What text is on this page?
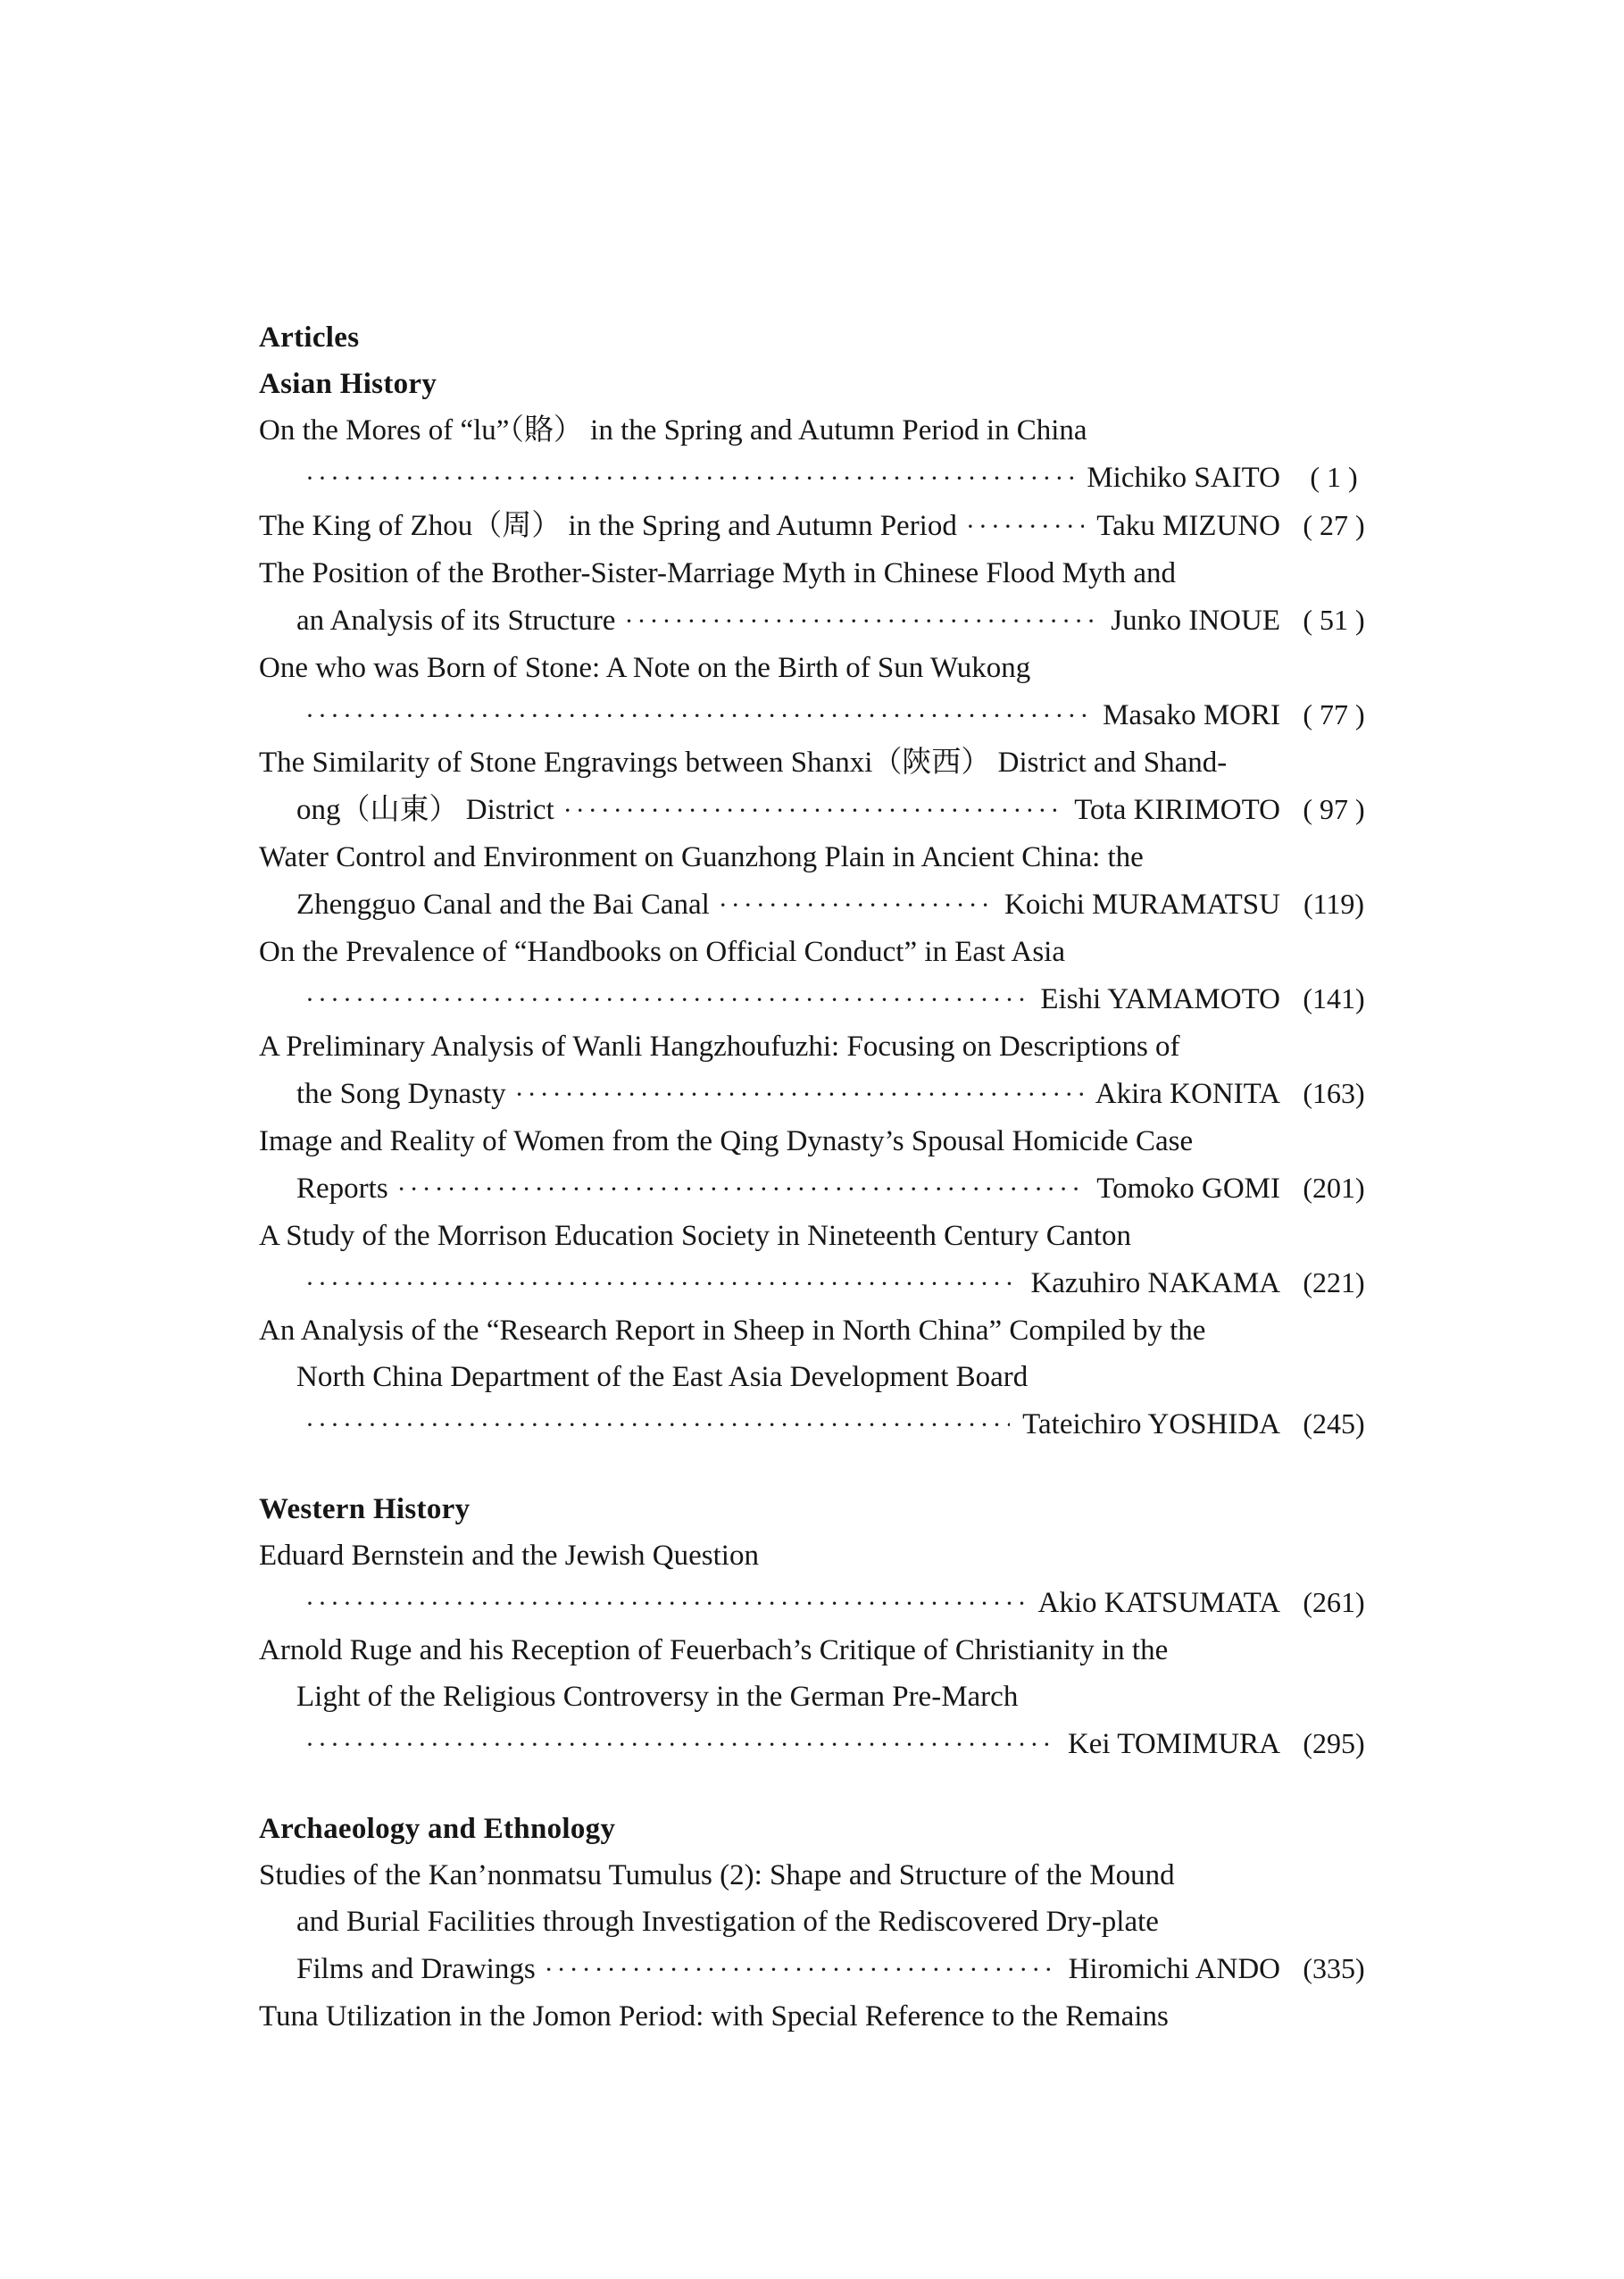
Articles
Asian History
On the Mores of “lu”（賂） in the Spring and Autumn Period in China
·····
Michiko SAITO	( 1 )
The King of Zhou（周） in the Spring and Autumn Period ·····	Taku MIZUNO ( 27 )
The Position of the Brother-Sister-Marriage Myth in Chinese Flood Myth and
an Analysis of its Structure ·····	Junko INOUE ( 51 )
One who was Born of Stone: A Note on the Birth of Sun Wukong
·····
Masako MORI ( 77 )
The Similarity of Stone Engravings between Shanxi（陝西） District and Shand-
ong（山東） District ·····	Tota KIRIMOTO ( 97 )
Water Control and Environment on Guanzhong Plain in Ancient China: the
Zhengguo Canal and the Bai Canal ·····	Koichi MURAMATSU (119)
On the Prevalence of “Handbooks on Official Conduct” in East Asia
·····
Eishi YAMAMOTO (141)
A Preliminary Analysis of Wanli Hangzhoufuzhi: Focusing on Descriptions of
the Song Dynasty ·····	Akira KONITA (163)
Image and Reality of Women from the Qing Dynasty’s Spousal Homicide Case
Reports ·····	Tomoko GOMI (201)
A Study of the Morrison Education Society in Nineteenth Century Canton
·····
Kazuhiro NAKAMA (221)
An Analysis of the “Research Report in Sheep in North China” Compiled by the
North China Department of the East Asia Development Board
·····
Tateichiro YOSHIDA (245)
Western History
Eduard Bernstein and the Jewish Question
·····
Akio KATSUMATA (261)
Arnold Ruge and his Reception of Feuerbach’s Critique of Christianity in the
Light of the Religious Controversy in the German Pre-March
·····
Kei TOMIMURA (295)
Archaeology and Ethnology
Studies of the Kan’nonmatsu Tumulus (2): Shape and Structure of the Mound
and Burial Facilities through Investigation of the Rediscovered Dry-plate
Films and Drawings ·····	Hiromichi ANDO (335)
Tuna Utilization in the Jomon Period: with Special Reference to the Remains
